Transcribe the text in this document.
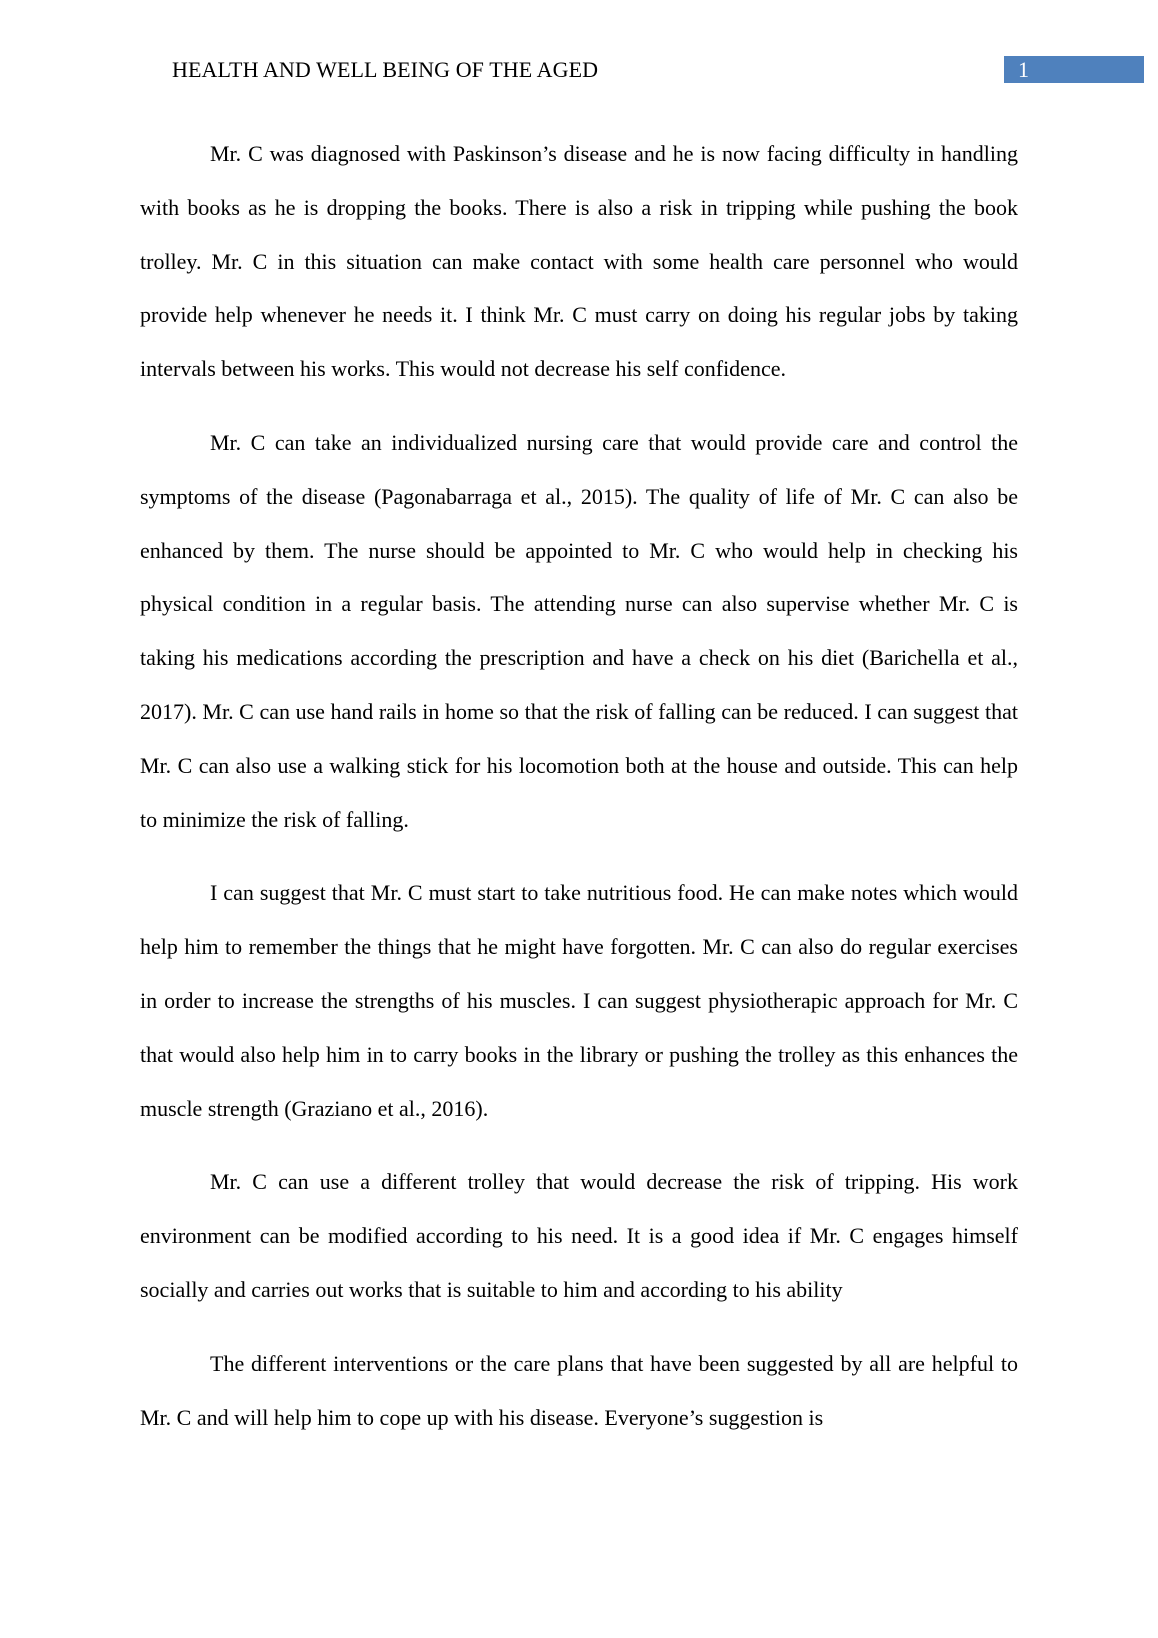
HEALTH AND WELL BEING OF THE AGED	1

Mr. C was diagnosed with Paskinson’s disease and he is now facing difficulty in handling with books as he is dropping the books. There is also a risk in tripping while pushing the book trolley. Mr. C in this situation can make contact with some health care personnel who would provide help whenever he needs it. I think Mr. C must carry on doing his regular jobs by taking intervals between his works. This would not decrease his self confidence.

Mr. C can take an individualized nursing care that would provide care and control the symptoms of the disease (Pagonabarraga et al., 2015). The quality of life of Mr. C can also be enhanced by them. The nurse should be appointed to Mr. C who would help in checking his physical condition in a regular basis. The attending nurse can also supervise whether Mr. C is taking his medications according the prescription and have a check on his diet (Barichella et al., 2017). Mr. C can use hand rails in home so that the risk of falling can be reduced. I can suggest that Mr. C can also use a walking stick for his locomotion both at the house and outside. This can help to minimize the risk of falling.

I can suggest that Mr. C must start to take nutritious food. He can make notes which would help him to remember the things that he might have forgotten. Mr. C can also do regular exercises in order to increase the strengths of his muscles. I can suggest physiotherapic approach for Mr. C that would also help him in to carry books in the library or pushing the trolley as this enhances the muscle strength (Graziano et al., 2016).

Mr. C can use a different trolley that would decrease the risk of tripping. His work environment can be modified according to his need. It is a good idea if Mr. C engages himself socially and carries out works that is suitable to him and according to his ability

The different interventions or the care plans that have been suggested by all are helpful to Mr. C and will help him to cope up with his disease. Everyone’s suggestion is
